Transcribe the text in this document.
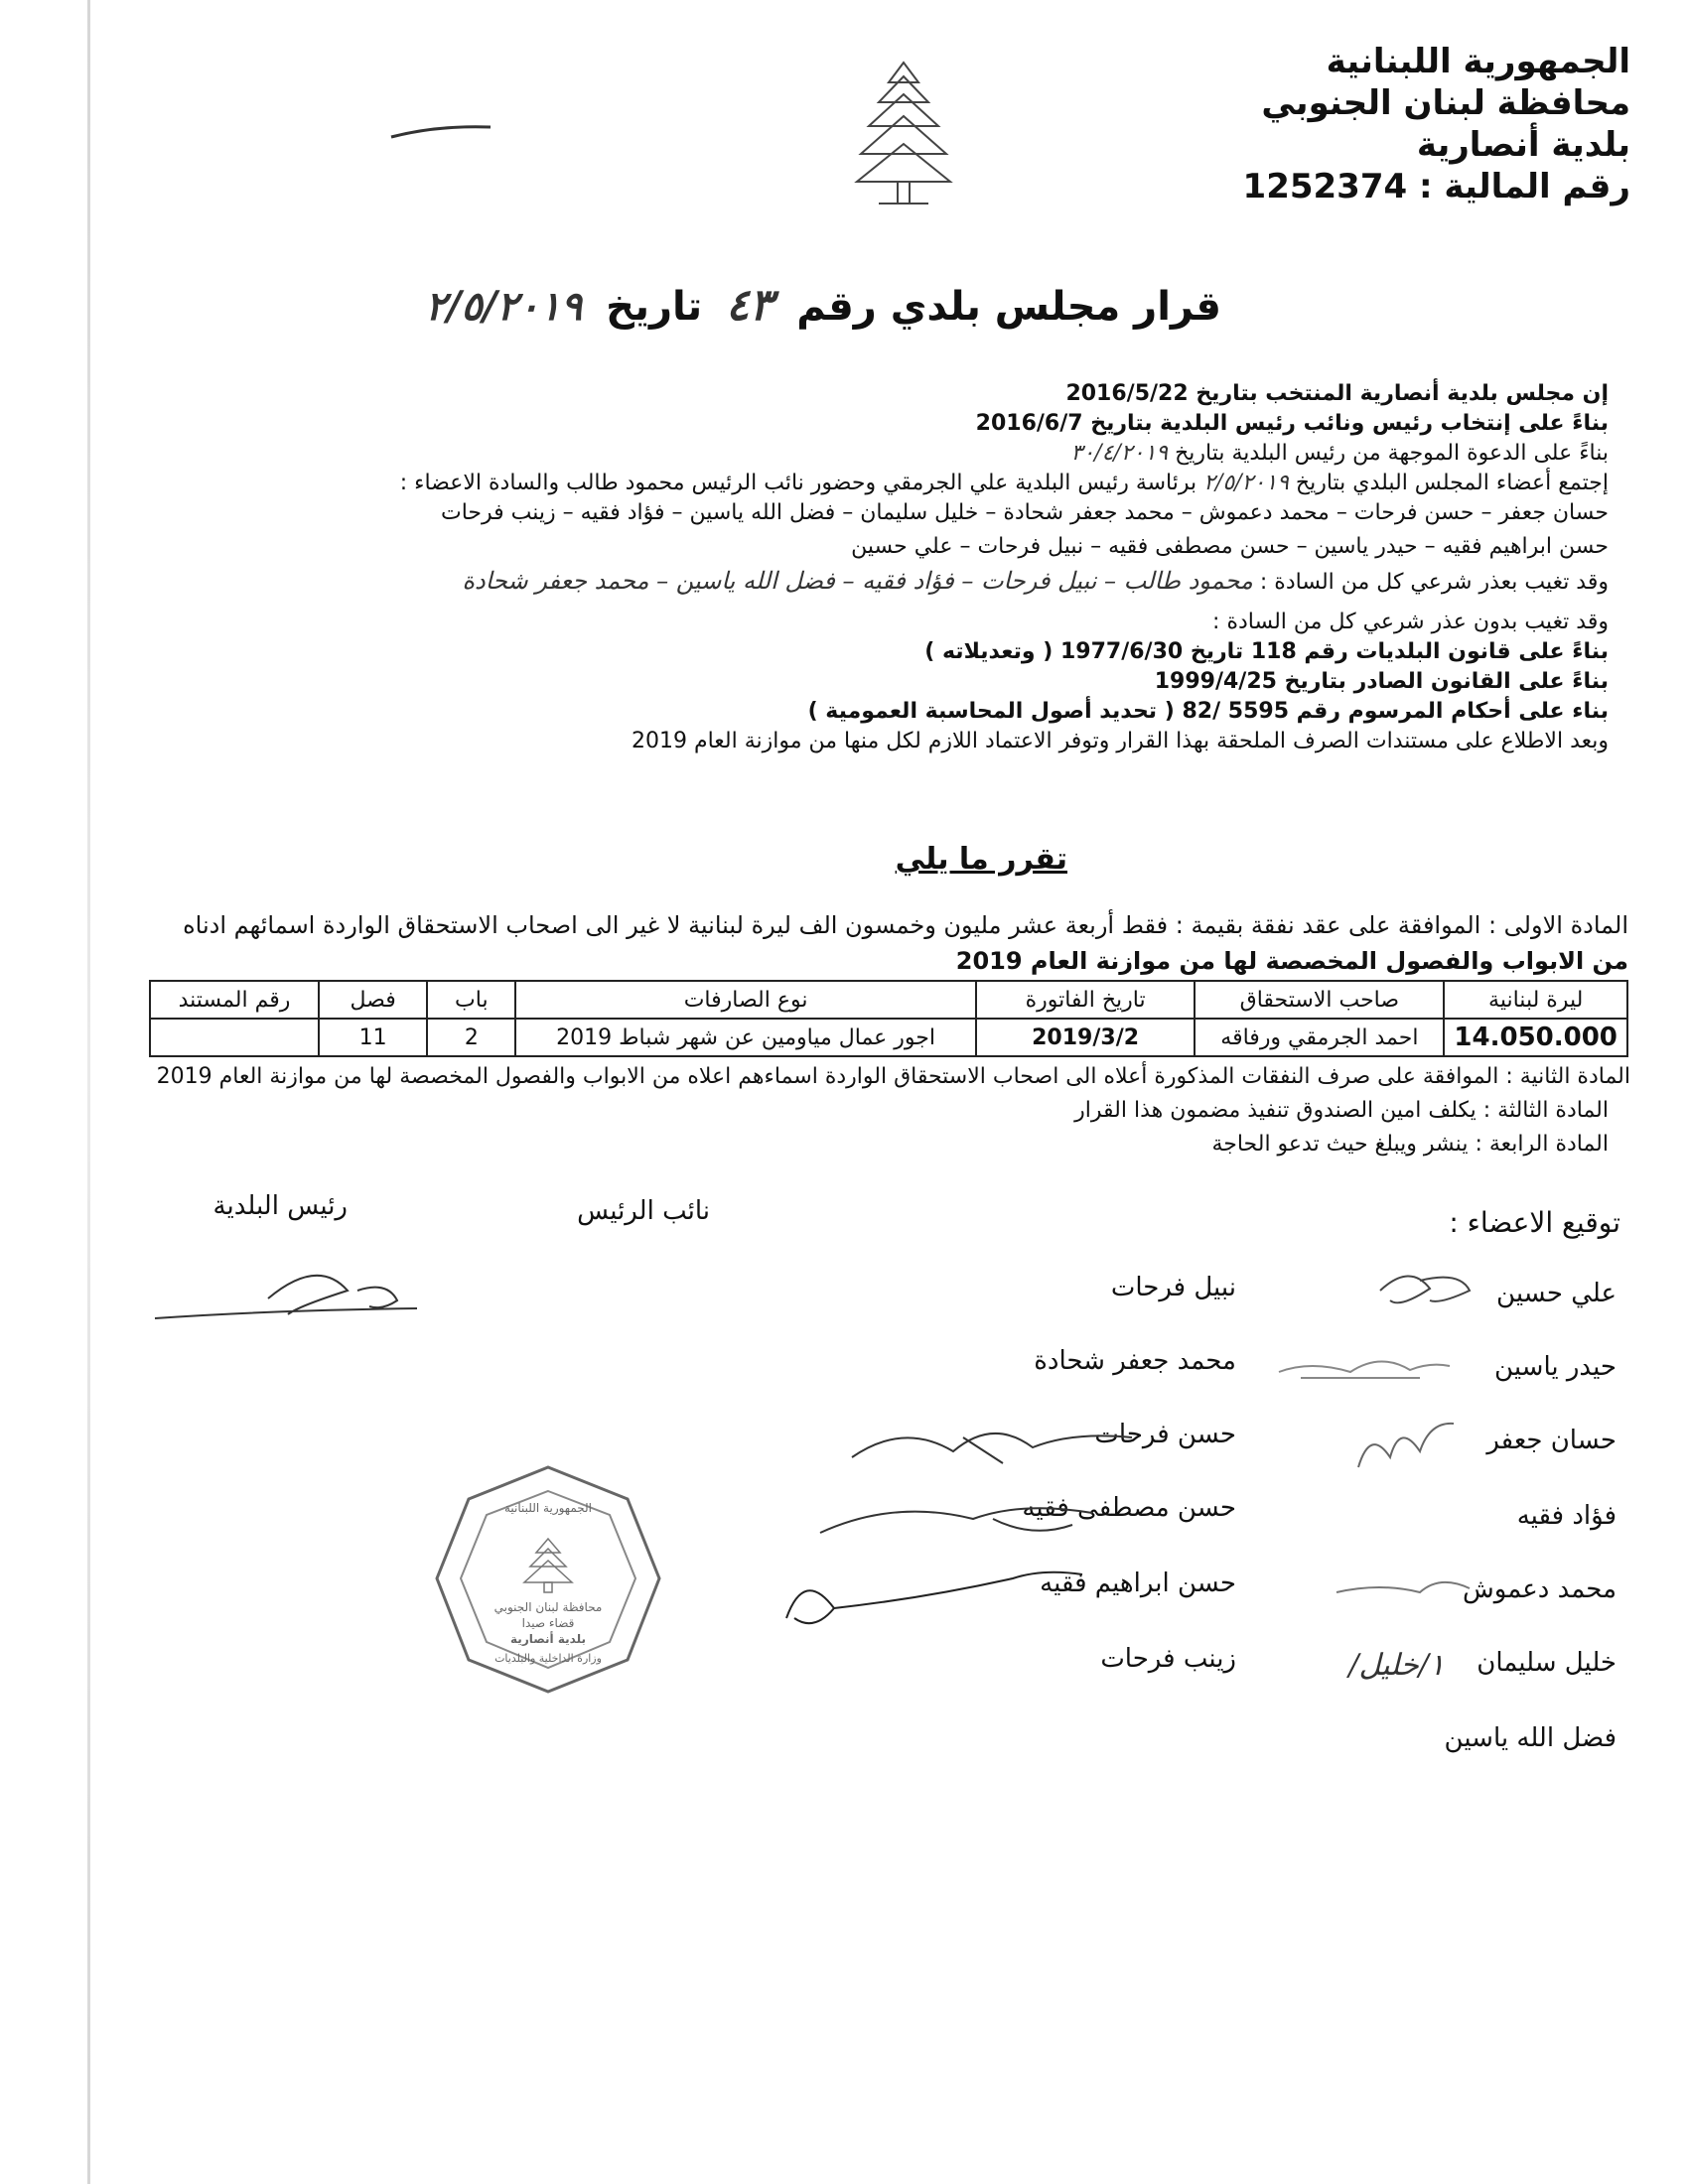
الجمهورية اللبنانية
محافظة لبنان الجنوبي
بلدية أنصارية
رقم المالية : 1252374
قرار مجلس بلدي رقم ٤٣ تاريخ ٢/٥/٢٠١٩
إن مجلس بلدية أنصارية المنتخب بتاريخ 2016/5/22
بناءً على إنتخاب رئيس ونائب رئيس البلدية بتاريخ 2016/6/7
بناءً على الدعوة الموجهة من رئيس البلدية بتاريخ ٣٠/٤/٢٠١٩
إجتمع أعضاء المجلس البلدي بتاريخ ٢/٥/٢٠١٩ برئاسة رئيس البلدية علي الجرمقي وحضور نائب الرئيس محمود طالب والسادة الاعضاء :
حسان جعفر – حسن فرحات – محمد دعموش – محمد جعفر شحادة – خليل سليمان – فضل الله ياسين – فؤاد فقيه – زينب فرحات
حسن ابراهيم فقيه – حيدر ياسين – حسن مصطفى فقيه – نبيل فرحات – علي حسين
وقد تغيب بعذر شرعي كل من السادة : محمود طالب – نبيل فرحات – فؤاد فقيه – فضل الله ياسين – محمد جعفر شحادة
وقد تغيب بدون عذر شرعي كل من السادة :
بناءً على قانون البلديات رقم 118 تاريخ 1977/6/30 ( وتعديلاته )
بناءً على القانون الصادر بتاريخ 1999/4/25
بناء على أحكام المرسوم رقم 5595 /82 ( تحديد أصول المحاسبة العمومية )
وبعد الاطلاع على مستندات الصرف الملحقة بهذا القرار وتوفر الاعتماد اللازم لكل منها من موازنة العام 2019
تقرر ما يلي
المادة الاولى : الموافقة على عقد نفقة بقيمة : فقط أربعة عشر مليون وخمسون الف ليرة لبنانية لا غير الى اصحاب الاستحقاق الواردة اسمائهم ادناه
من الابواب والفصول المخصصة لها من موازنة العام 2019
ليرة لبنانية	صاحب الاستحقاق	تاريخ الفاتورة	نوع الصارفات	باب	فصل	رقم المستند
14.050.000	احمد الجرمقي ورفاقه	2019/3/2	اجور عمال مياومين عن شهر شباط 2019	2	11	
المادة الثانية : الموافقة على صرف النفقات المذكورة أعلاه الى اصحاب الاستحقاق الواردة اسماءهم اعلاه من الابواب والفصول المخصصة لها من موازنة العام 2019
المادة الثالثة : يكلف امين الصندوق تنفيذ مضمون هذا القرار
المادة الرابعة : ينشر ويبلغ حيث تدعو الحاجة
رئيس البلدية	نائب الرئيس	توقيع الاعضاء :
علي حسين
حيدر ياسين
حسان جعفر
فؤاد فقيه
محمد دعموش
خليل سليمان
فضل الله ياسين
نبيل فرحات
محمد جعفر شحادة
حسن فرحات
حسن مصطفى فقيه
حسن ابراهيم فقيه
زينب فرحات	١/ﺧﻠﻴﻞ/
الجمهورية اللبنانية
محافظة لبنان الجنوبي
قضاء صيدا
بلدية أنصارية
وزارة الداخلية والبلديات
